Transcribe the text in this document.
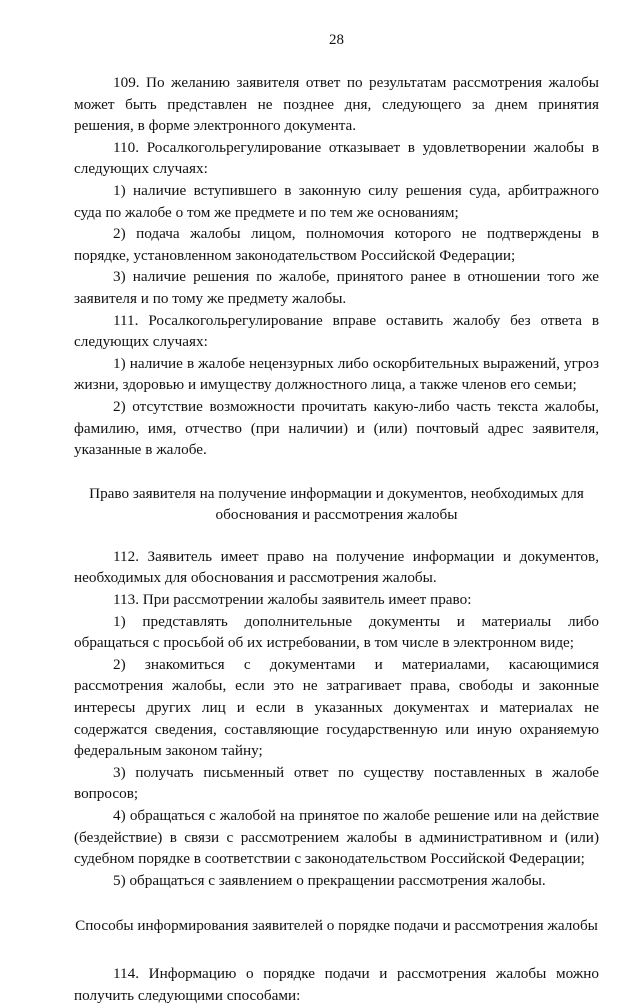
28

109. По желанию заявителя ответ по результатам рассмотрения жалобы может быть представлен не позднее дня, следующего за днем принятия решения, в форме электронного документа.

110. Росалкогольрегулирование отказывает в удовлетворении жалобы в следующих случаях:

1) наличие вступившего в законную силу решения суда, арбитражного суда по жалобе о том же предмете и по тем же основаниям;

2) подача жалобы лицом, полномочия которого не подтверждены в порядке, установленном законодательством Российской Федерации;

3) наличие решения по жалобе, принятого ранее в отношении того же заявителя и по тому же предмету жалобы.

111. Росалкогольрегулирование вправе оставить жалобу без ответа в следующих случаях:

1) наличие в жалобе нецензурных либо оскорбительных выражений, угроз жизни, здоровью и имуществу должностного лица, а также членов его семьи;

2) отсутствие возможности прочитать какую-либо часть текста жалобы, фамилию, имя, отчество (при наличии) и (или) почтовый адрес заявителя, указанные в жалобе.

Право заявителя на получение информации и документов, необходимых для обоснования и рассмотрения жалобы

112. Заявитель имеет право на получение информации и документов, необходимых для обоснования и рассмотрения жалобы.

113. При рассмотрении жалобы заявитель имеет право:

1) представлять дополнительные документы и материалы либо обращаться с просьбой об их истребовании, в том числе в электронном виде;

2) знакомиться с документами и материалами, касающимися рассмотрения жалобы, если это не затрагивает права, свободы и законные интересы других лиц и если в указанных документах и материалах не содержатся сведения, составляющие государственную или иную охраняемую федеральным законом тайну;

3) получать письменный ответ по существу поставленных в жалобе вопросов;

4) обращаться с жалобой на принятое по жалобе решение или на действие (бездействие) в связи с рассмотрением жалобы в административном и (или) судебном порядке в соответствии с законодательством Российской Федерации;

5) обращаться с заявлением о прекращении рассмотрения жалобы.

Способы информирования заявителей о порядке подачи и рассмотрения жалобы

114. Информацию о порядке подачи и рассмотрения жалобы можно получить следующими способами:
